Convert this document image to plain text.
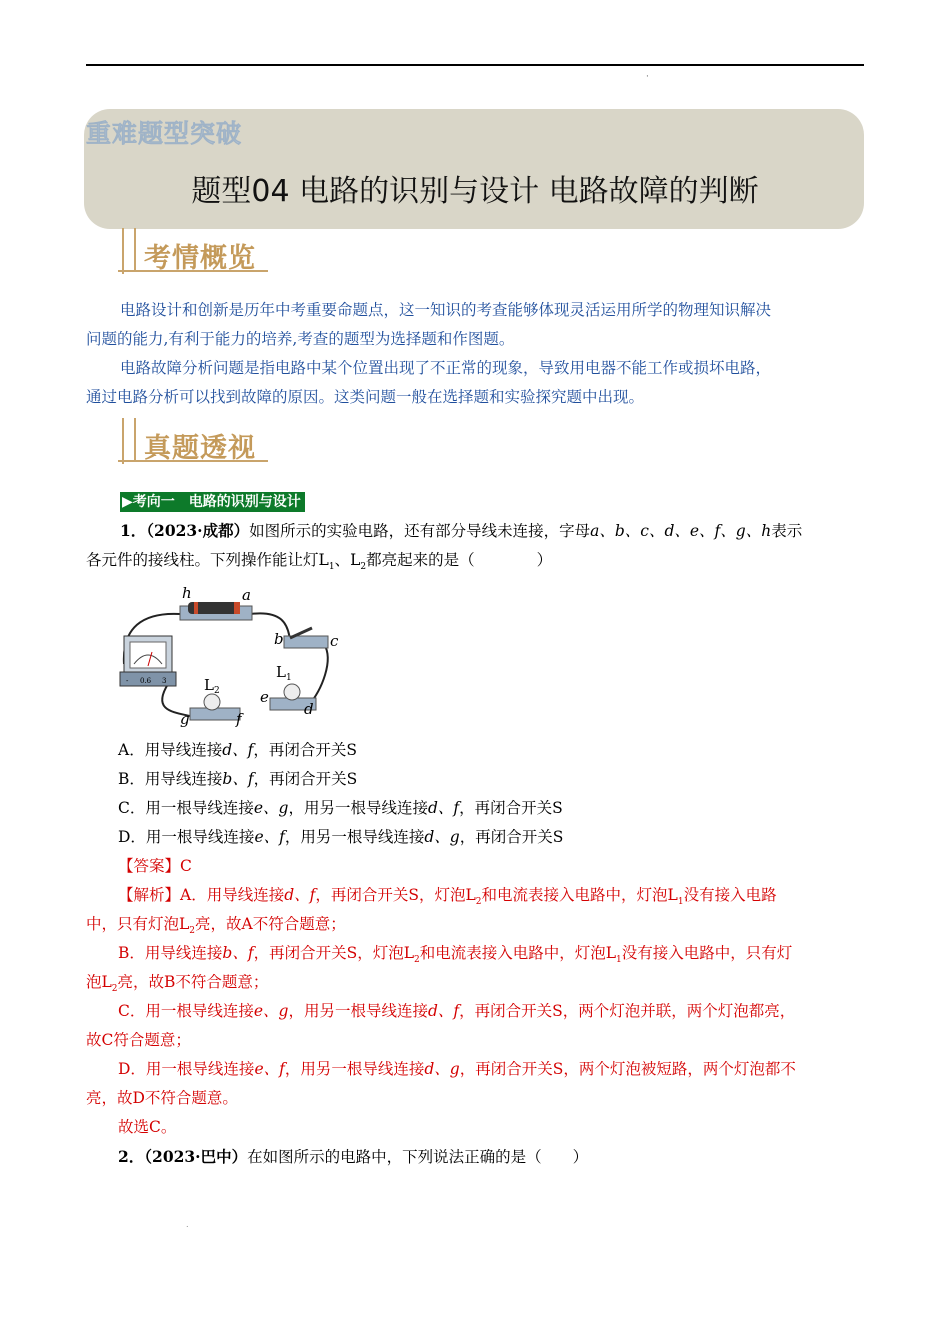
·
重难题型突破
题型04 电路的识别与设计 电路故障的判断
考情概览
电路设计和创新是历年中考重要命题点，这一知识的考查能够体现灵活运用所学的物理知识解决
问题的能力,有利于能力的培养,考查的题型为选择题和作图题。
电路故障分析问题是指电路中某个位置出现了不正常的现象，导致用电器不能工作或损坏电路，
通过电路分析可以找到故障的原因。这类问题一般在选择题和实验探究题中出现。
真题透视
▶考向一　电路的识别与设计
1．（2023·成都）如图所示的实验电路，还有部分导线未连接，字母a、b、c、d、e、f、g、h表示
各元件的接线柱。下列操作能让灯$L_1$、$L_2$都亮起来的是（　　　　）
- 0.6 3
h	a
b	c
d
e
f
g
L 2
L 1
A．用导线连接d、f，再闭合开关S
B．用导线连接b、f，再闭合开关S
C．用一根导线连接e、g，用另一根导线连接d、f，再闭合开关S
D．用一根导线连接e、f，用另一根导线连接d、g，再闭合开关S
【答案】C
【解析】A．用导线连接d、f，再闭合开关S，灯泡$L_2$和电流表接入电路中，灯泡$L_1$没有接入电路
中，只有灯泡$L_2$亮，故A不符合题意；
B．用导线连接b、f，再闭合开关S，灯泡$L_2$和电流表接入电路中，灯泡$L_1$没有接入电路中，只有灯
泡$L_2$亮，故B不符合题意；
C．用一根导线连接e、g，用另一根导线连接d、f，再闭合开关S，两个灯泡并联，两个灯泡都亮，
故C符合题意；
D．用一根导线连接e、f，用另一根导线连接d、g，再闭合开关S，两个灯泡被短路，两个灯泡都不
亮，故D不符合题意。
故选C。
2．（2023·巴中）在如图所示的电路中，下列说法正确的是（　　）
.
